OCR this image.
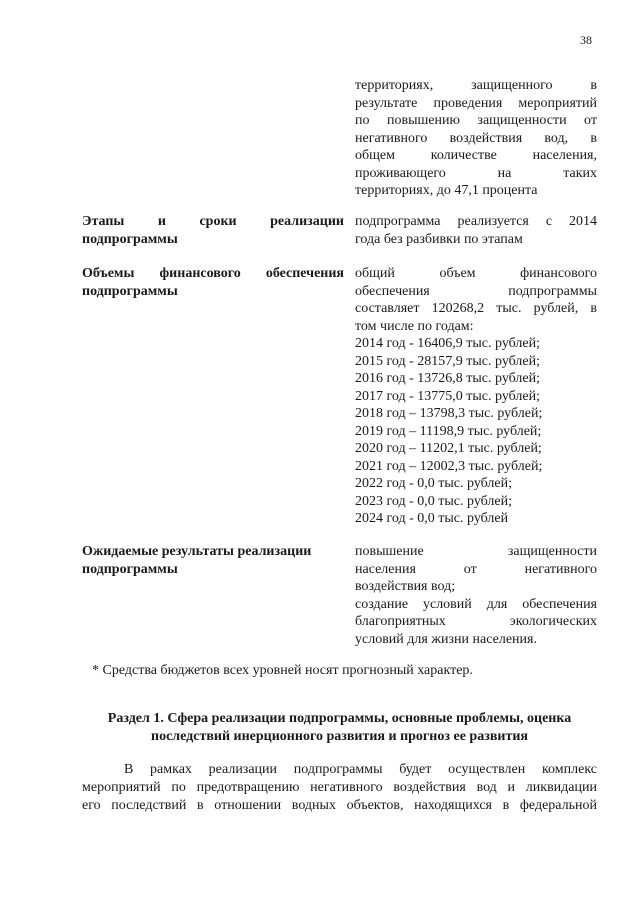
38
территориях, защищенного в
результате проведения мероприятий
по повышению защищенности от
негативного воздействия вод, в
общем количестве населения,
проживающего на таких
территориях, до 47,1 процента
Этапы и сроки реализации подпрограммы
подпрограмма реализуется с 2014
года без разбивки по этапам
Объемы финансового обеспечения подпрограммы
общий объем финансового
обеспечения подпрограммы
составляет 120268,2 тыс. рублей, в
том числе по годам:
2014 год - 16406,9 тыс. рублей;
2015 год - 28157,9 тыс. рублей;
2016 год - 13726,8 тыс. рублей;
2017 год - 13775,0 тыс. рублей;
2018 год – 13798,3 тыс. рублей;
2019 год – 11198,9 тыс. рублей;
2020 год – 11202,1 тыс. рублей;
2021 год – 12002,3 тыс. рублей;
2022 год - 0,0 тыс. рублей;
2023 год - 0,0 тыс. рублей;
2024 год - 0,0 тыс. рублей
Ожидаемые результаты реализации подпрограммы
повышение защищенности
населения от негативного
воздействия вод;
создание условий для обеспечения
благоприятных экологических
условий для жизни населения.
* Средства бюджетов всех уровней носят прогнозный характер.
Раздел 1. Сфера реализации подпрограммы, основные проблемы, оценка последствий инерционного развития и прогноз ее развития
В рамках реализации подпрограммы будет осуществлен комплекс
мероприятий по предотвращению негативного воздействия вод и ликвидации
его последствий в отношении водных объектов, находящихся в федеральной
